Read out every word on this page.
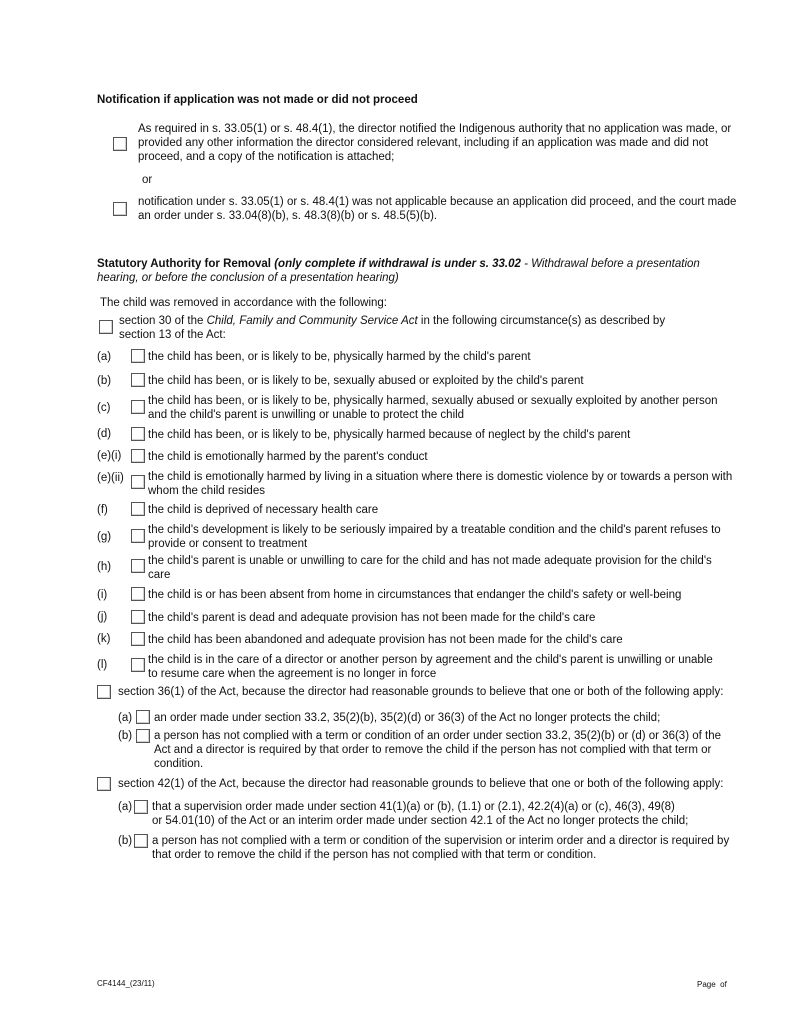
Notification if application was not made or did not proceed
As required in s. 33.05(1) or s. 48.4(1), the director notified the Indigenous authority that no application was made, or
provided any other information the director considered relevant, including if an application was made and did not
proceed, and a copy of the notification is attached;
or
notification under s. 33.05(1) or s. 48.4(1) was not applicable because an application did proceed, and the court made
an order under s. 33.04(8)(b), s. 48.3(8)(b) or s. 48.5(5)(b).
Statutory Authority for Removal (only complete if withdrawal is under s. 33.02 - Withdrawal before a presentation
hearing, or before the conclusion of a presentation hearing)
The child was removed in accordance with the following:
section 30 of the Child, Family and Community Service Act in the following circumstance(s) as described by
section 13 of the Act:
(a)	the child has been, or is likely to be, physically harmed by the child's parent
(b)	the child has been, or is likely to be, sexually abused or exploited by the child's parent
(c)
the child has been, or is likely to be, physically harmed, sexually abused or sexually exploited by another person
and the child's parent is unwilling or unable to protect the child
(d)	the child has been, or is likely to be, physically harmed because of neglect by the child's parent
(e)(i) the child is emotionally harmed by the parent's conduct
(e)(ii) the child is emotionally harmed by living in a situation where there is domestic violence by or towards a person with
whom the child resides
(f)	the child is deprived of necessary health care
(g)
the child's development is likely to be seriously impaired by a treatable condition and the child's parent refuses to
provide or consent to treatment
(h)	the child's parent is unable or unwilling to care for the child and has not made adequate provision for the child's
care
(i)	the child is or has been absent from home in circumstances that endanger the child's safety or well-being
(j)	the child's parent is dead and adequate provision has not been made for the child's care
(k)	the child has been abandoned and adequate provision has not been made for the child's care
(l)	the child is in the care of a director or another person by agreement and the child's parent is unwilling or unable
to resume care when the agreement is no longer in force
section 36(1) of the Act, because the director had reasonable grounds to believe that one or both of the following apply:
(a) an order made under section 33.2, 35(2)(b), 35(2)(d) or 36(3) of the Act no longer protects the child;
(b) a person has not complied with a term or condition of an order under section 33.2, 35(2)(b) or (d) or 36(3) of the
Act and a director is required by that order to remove the child if the person has not complied with that term or
condition.
section 42(1) of the Act, because the director had reasonable grounds to believe that one or both of the following apply:
(a) that a supervision order made under section 41(1)(a) or (b), (1.1) or (2.1), 42.2(4)(a) or (c), 46(3), 49(8)
or 54.01(10) of the Act or an interim order made under section 42.1 of the Act no longer protects the child;
(b) a person has not complied with a term or condition of the supervision or interim order and a director is required by
that order to remove the child if the person has not complied with that term or condition.
CF4144_(23/11)	Page  of
